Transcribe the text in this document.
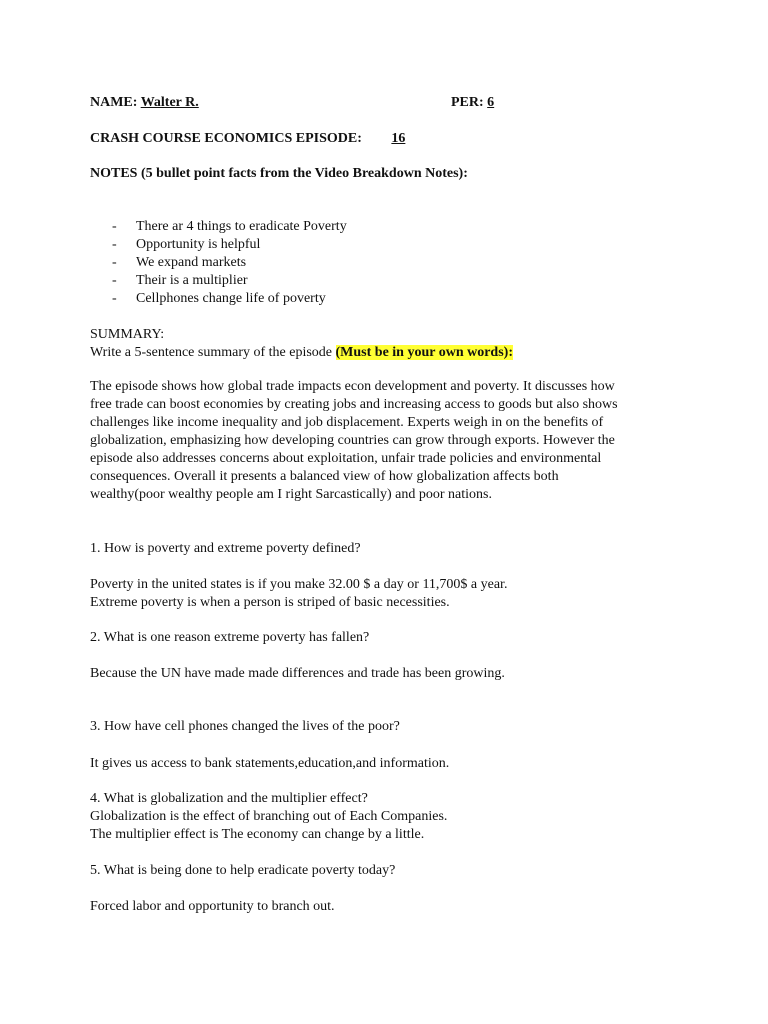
NAME: Walter R.	PER: 6
CRASH COURSE ECONOMICS EPISODE: 16
NOTES (5 bullet point facts from the Video Breakdown Notes):
- There ar 4 things to eradicate Poverty
- Opportunity is helpful
- We expand markets
- Their is a multiplier
- Cellphones change life of poverty
SUMMARY:
Write a 5-sentence summary of the episode (Must be in your own words):
The episode shows how global trade impacts econ development and poverty. It discusses how
free trade can boost economies by creating jobs and increasing access to goods but also shows
challenges like income inequality and job displacement. Experts weigh in on the benefits of
globalization, emphasizing how developing countries can grow through exports. However the
episode also addresses concerns about exploitation, unfair trade policies and environmental
consequences. Overall it presents a balanced view of how globalization affects both
wealthy(poor wealthy people am I right Sarcastically) and poor nations.
1. How is poverty and extreme poverty defined?
Poverty in the united states is if you make 32.00 $ a day or 11,700$ a year.
Extreme poverty is when a person is striped of basic necessities.
2. What is one reason extreme poverty has fallen?
Because the UN have made made differences and trade has been growing.
3. How have cell phones changed the lives of the poor?
It gives us access to bank statements,education,and information.
4. What is globalization and the multiplier effect?
Globalization is the effect of branching out of Each Companies.
The multiplier effect is The economy can change by a little.
5. What is being done to help eradicate poverty today?
Forced labor and opportunity to branch out.
